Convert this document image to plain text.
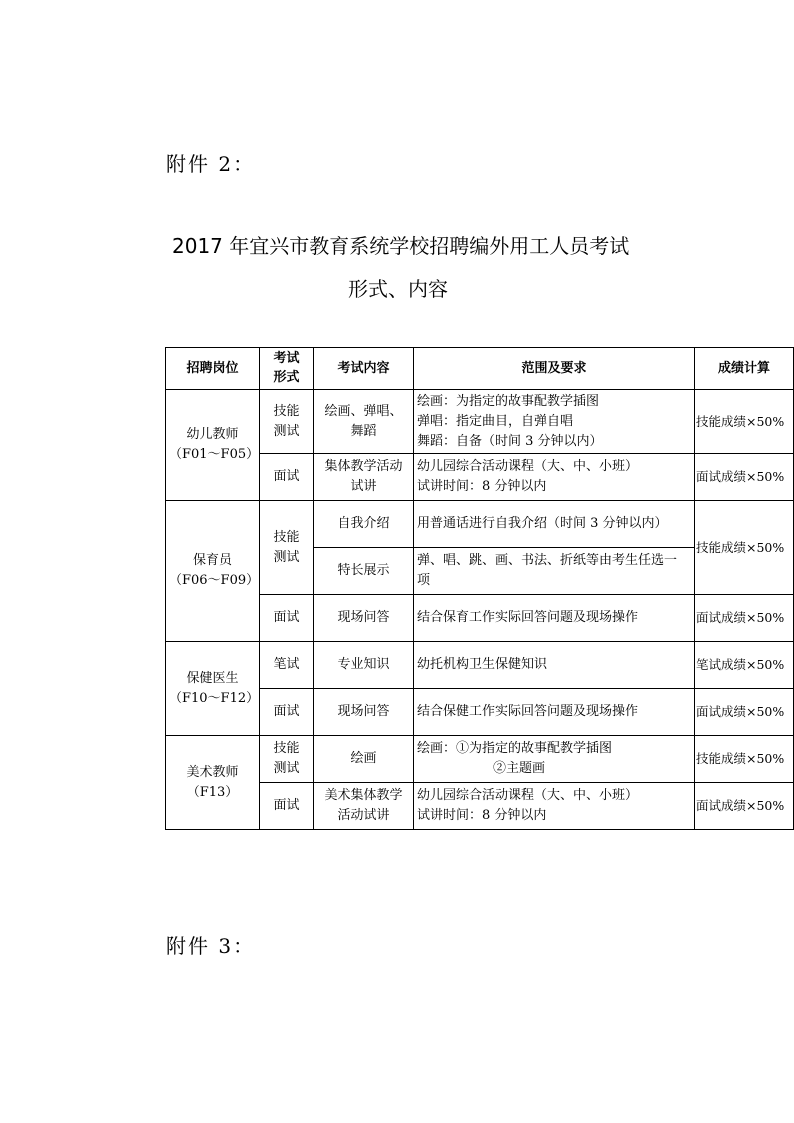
附件 2：
2017 年宜兴市教育系统学校招聘编外用工人员考试
形式、内容
招聘岗位	考试形式	考试内容	范围及要求	成绩计算

幼儿教师
（F01～F05）	技能测试	绘画、弹唱、舞蹈	绘画：为指定的故事配教学插图
弹唱：指定曲目，自弹自唱
舞蹈：自备（时间 3 分钟以内）	技能成绩×50%
	面试	集体教学活动试讲	幼儿园综合活动课程（大、中、小班）
试讲时间：8 分钟以内	面试成绩×50%

保育员
（F06～F09）	技能测试	自我介绍	用普通话进行自我介绍（时间 3 分钟以内）	技能成绩×50%
		特长展示	弹、唱、跳、画、书法、折纸等由考生任选一
项	

	面试	现场问答	结合保育工作实际回答问题及现场操作	面试成绩×50%

保健医生
（F10～F12）	笔试	专业知识	幼托机构卫生保健知识	笔试成绩×50%
	面试	现场问答	结合保健工作实际回答问题及现场操作	面试成绩×50%

美术教师
（F13）	技能测试	绘画	绘画：①为指定的故事配教学插图
②主题画	技能成绩×50%
	面试	美术集体教学活动试讲	幼儿园综合活动课程（大、中、小班）
试讲时间：8 分钟以内	面试成绩×50%
附件 3：
